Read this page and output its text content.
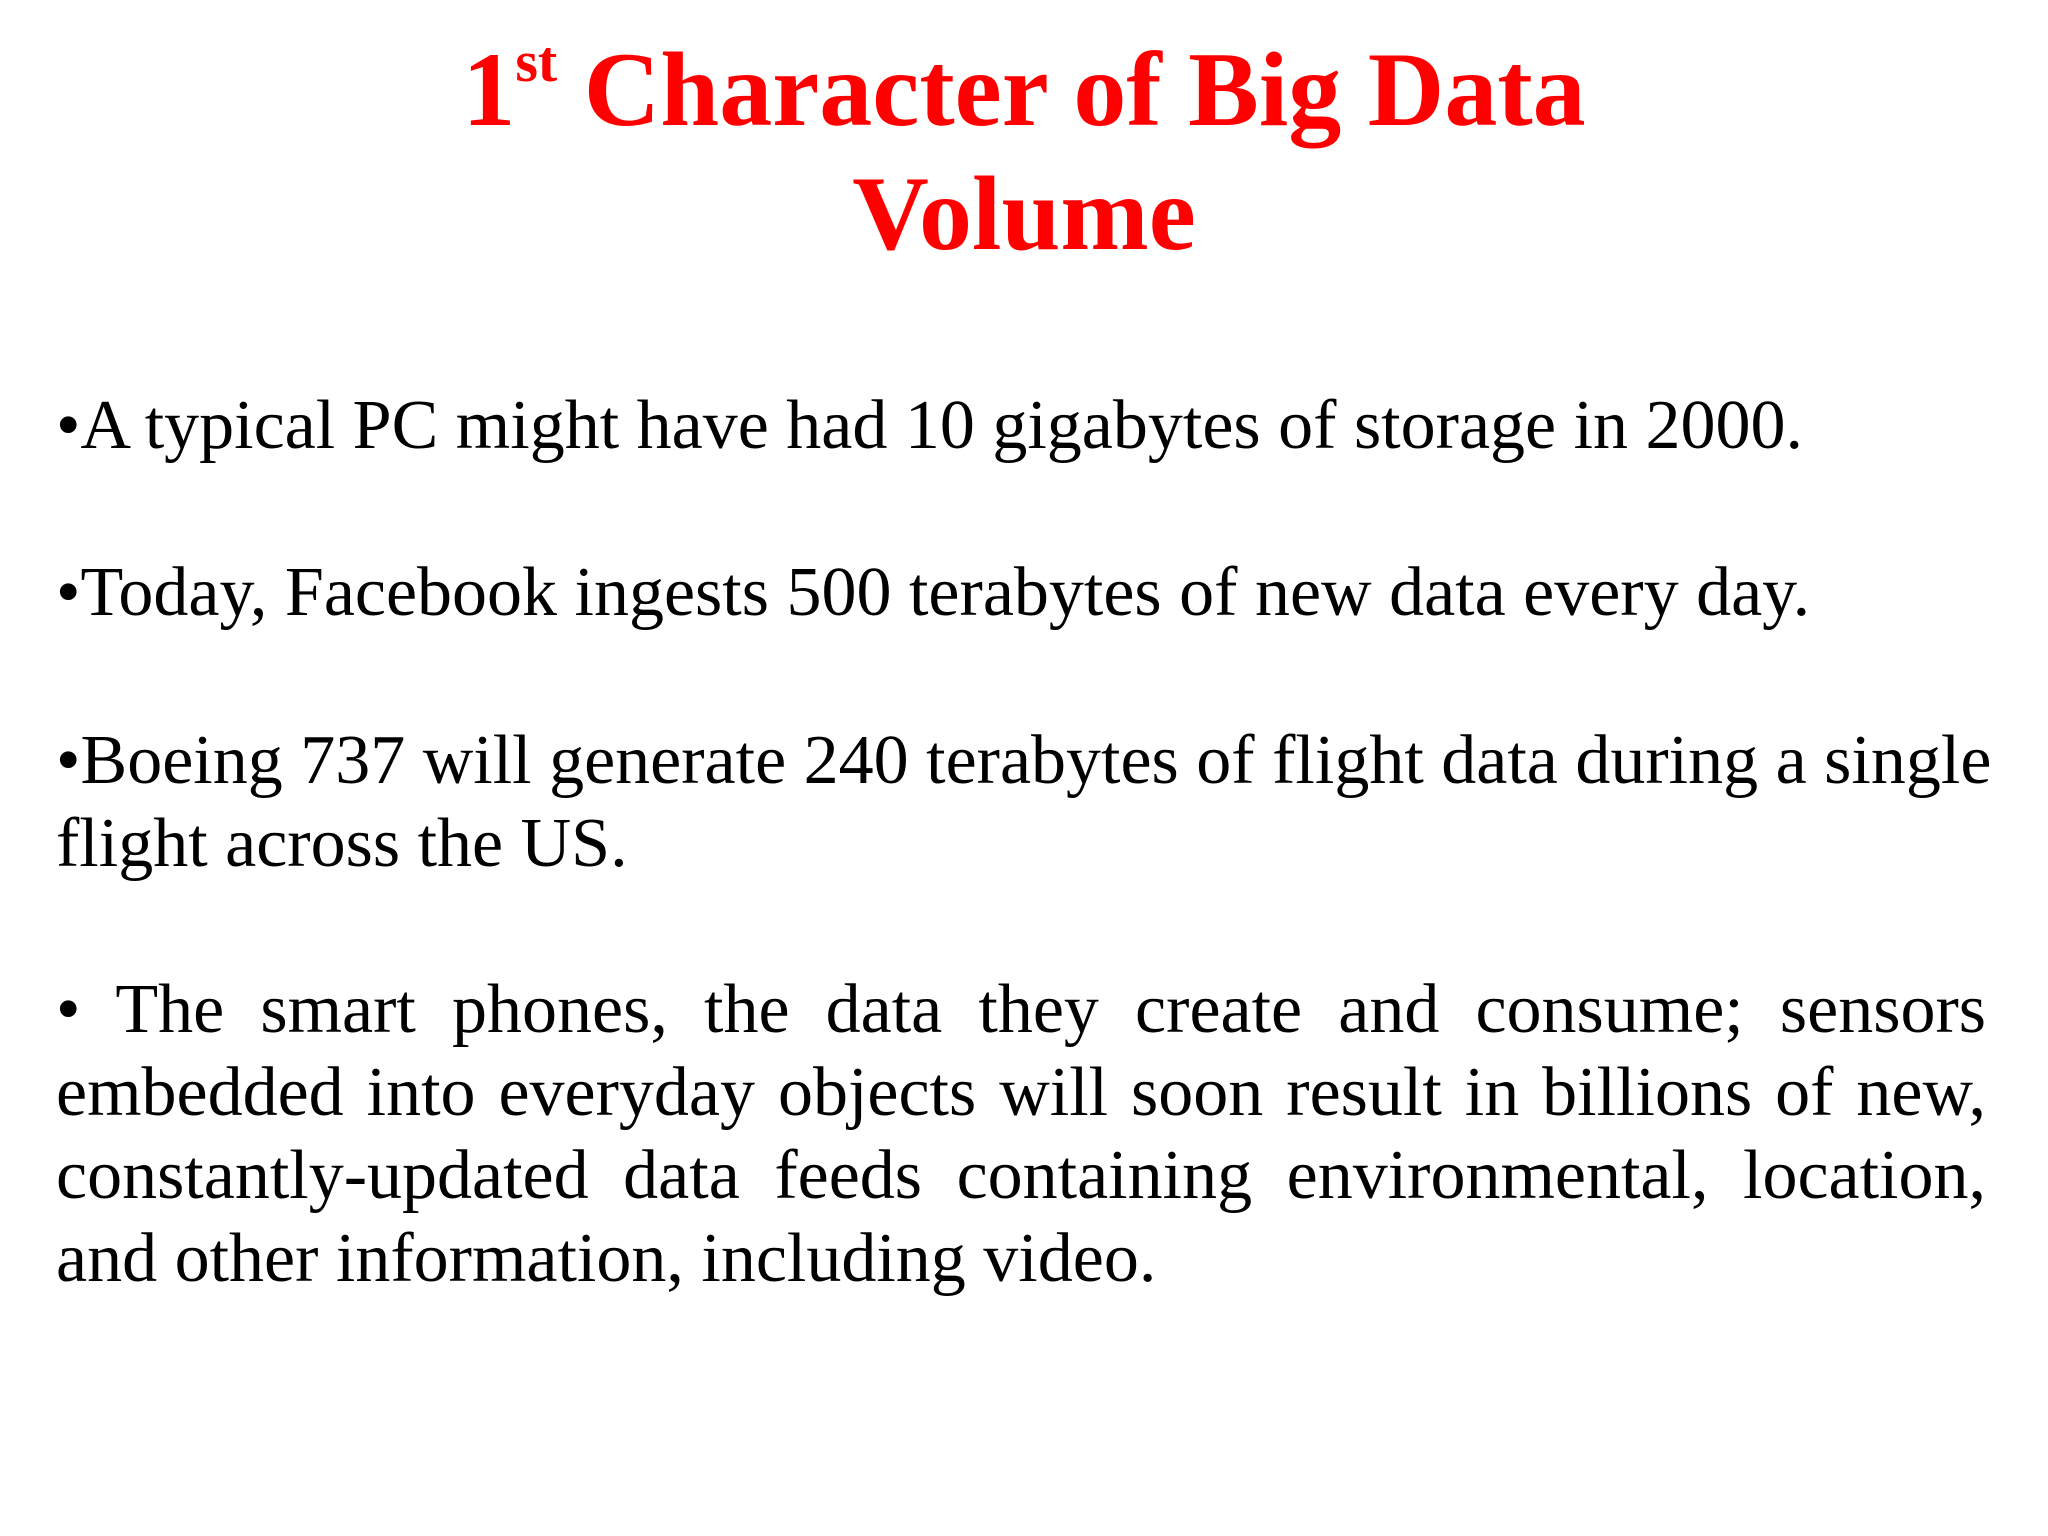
1st Character of Big Data
Volume
•A typical PC might have had 10 gigabytes of storage in 2000.
•Today, Facebook ingests 500 terabytes of new data every day.
•Boeing 737 will generate 240 terabytes of flight data during a single
flight across the US.
• The smart phones, the data they create and consume; sensors
embedded into everyday objects will soon result in billions of new,
constantly-updated data feeds containing environmental, location,
and other information, including video.
